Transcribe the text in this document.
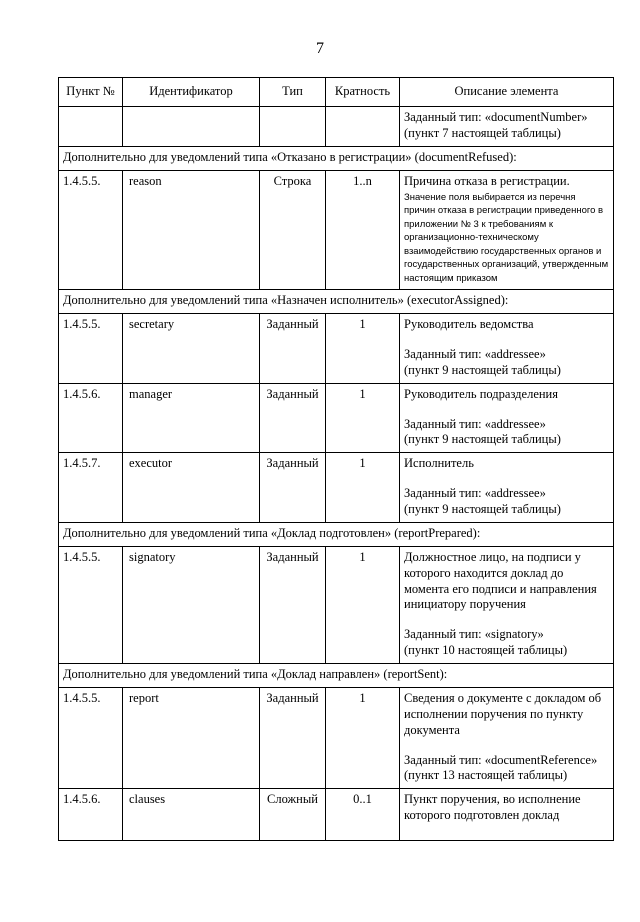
7
Пункт №	Идентификатор	Тип	Кратность	Описание элемента

				Заданный тип: «documentNumber»
(пункт 7 настоящей таблицы)

Дополнительно для уведомлений типа «Отказано в регистрации» (documentRefused):				
1.4.5.5.	reason	Строка	1..n	Причина отказа в регистрации.
Значение поля выбирается из перечня причин отказа в регистрации приведенного в приложении № 3 к требованиям к организационно-техническому взаимодействию государственных органов и государственных организаций, утвержденным настоящим приказом

Дополнительно для уведомлений типа «Назначен исполнитель» (executorAssigned):				
1.4.5.5.	secretary	Заданный	1	Руководитель ведомства
Заданный тип: «addressee»
(пункт 9 настоящей таблицы)

1.4.5.6.	manager	Заданный	1	Руководитель подразделения
Заданный тип: «addressee»
(пункт 9 настоящей таблицы)

1.4.5.7.	executor	Заданный	1	Исполнитель
Заданный тип: «addressee»
(пункт 9 настоящей таблицы)

Дополнительно для уведомлений типа «Доклад подготовлен» (reportPrepared):				
1.4.5.5.	signatory	Заданный	1	Должностное лицо, на подписи у которого находится доклад до момента его подписи и направления инициатору поручения
Заданный тип: «signatory»
(пункт 10 настоящей таблицы)

Дополнительно для уведомлений типа «Доклад направлен» (reportSent):				
1.4.5.5.	report	Заданный	1	Сведения о документе с докладом об исполнении поручения по пункту документа
Заданный тип: «documentReference»
(пункт 13 настоящей таблицы)

1.4.5.6.	clauses	Сложный	0..1	Пункт поручения, во исполнение которого подготовлен доклад
